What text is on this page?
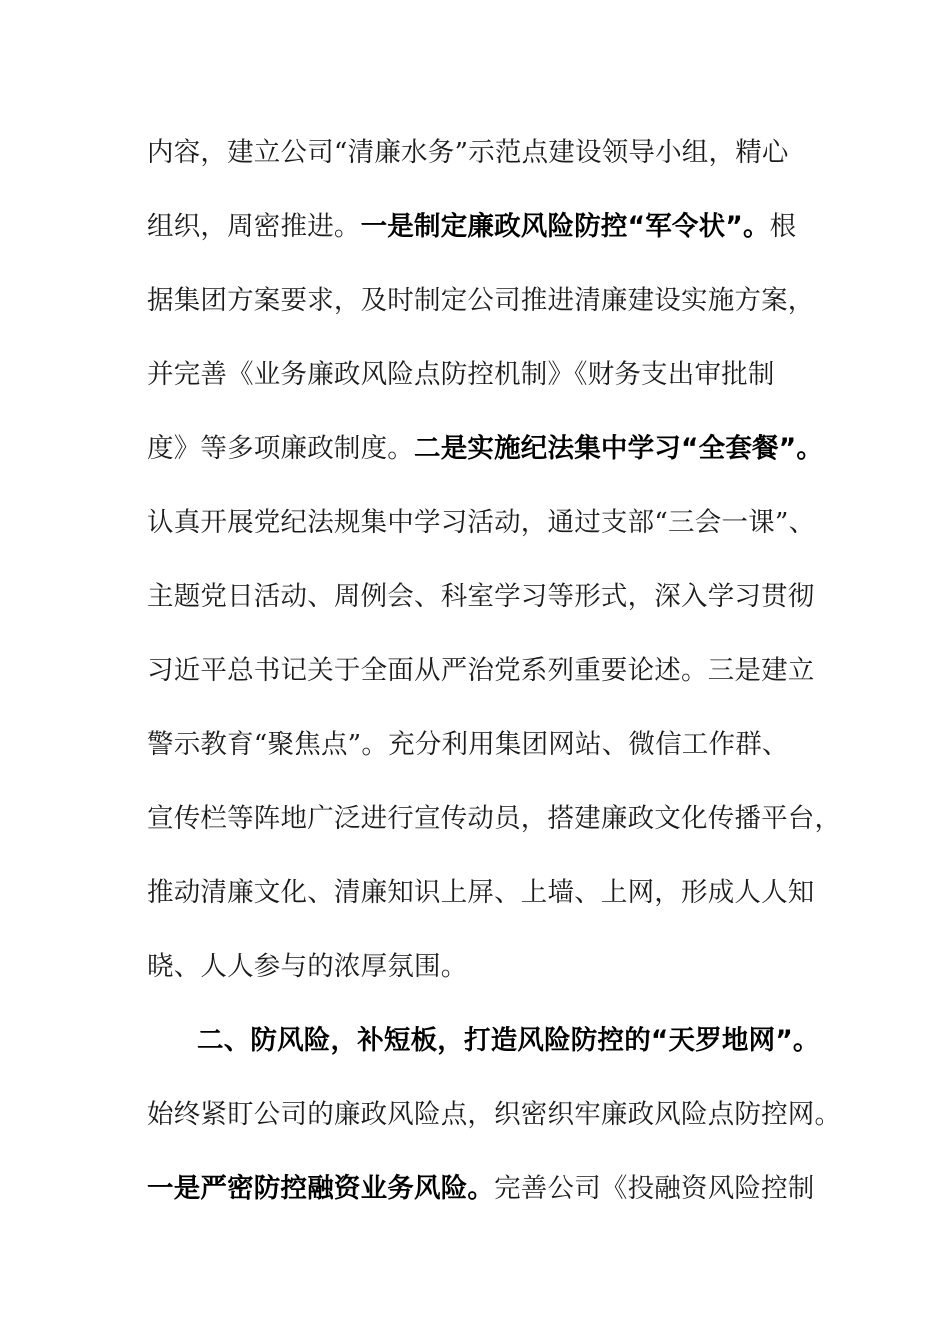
内容，建立公司“清廉水务”示范点建设领导小组，精心
组织，周密推进。一是制定廉政风险防控“军令状”。根
据集团方案要求，及时制定公司推进清廉建设实施方案，
并完善《业务廉政风险点防控机制》《财务支出审批制
度》等多项廉政制度。二是实施纪法集中学习“全套餐”。
认真开展党纪法规集中学习活动，通过支部“三会一课”、
主题党日活动、周例会、科室学习等形式，深入学习贯彻
习近平总书记关于全面从严治党系列重要论述。三是建立
警示教育“聚焦点”。充分利用集团网站、微信工作群、
宣传栏等阵地广泛进行宣传动员，搭建廉政文化传播平台，
推动清廉文化、清廉知识上屏、上墙、上网，形成人人知
晓、人人参与的浓厚氛围。
二、防风险，补短板，打造风险防控的“天罗地网”。
始终紧盯公司的廉政风险点，织密织牢廉政风险点防控网。
一是严密防控融资业务风险。完善公司《投融资风险控制
